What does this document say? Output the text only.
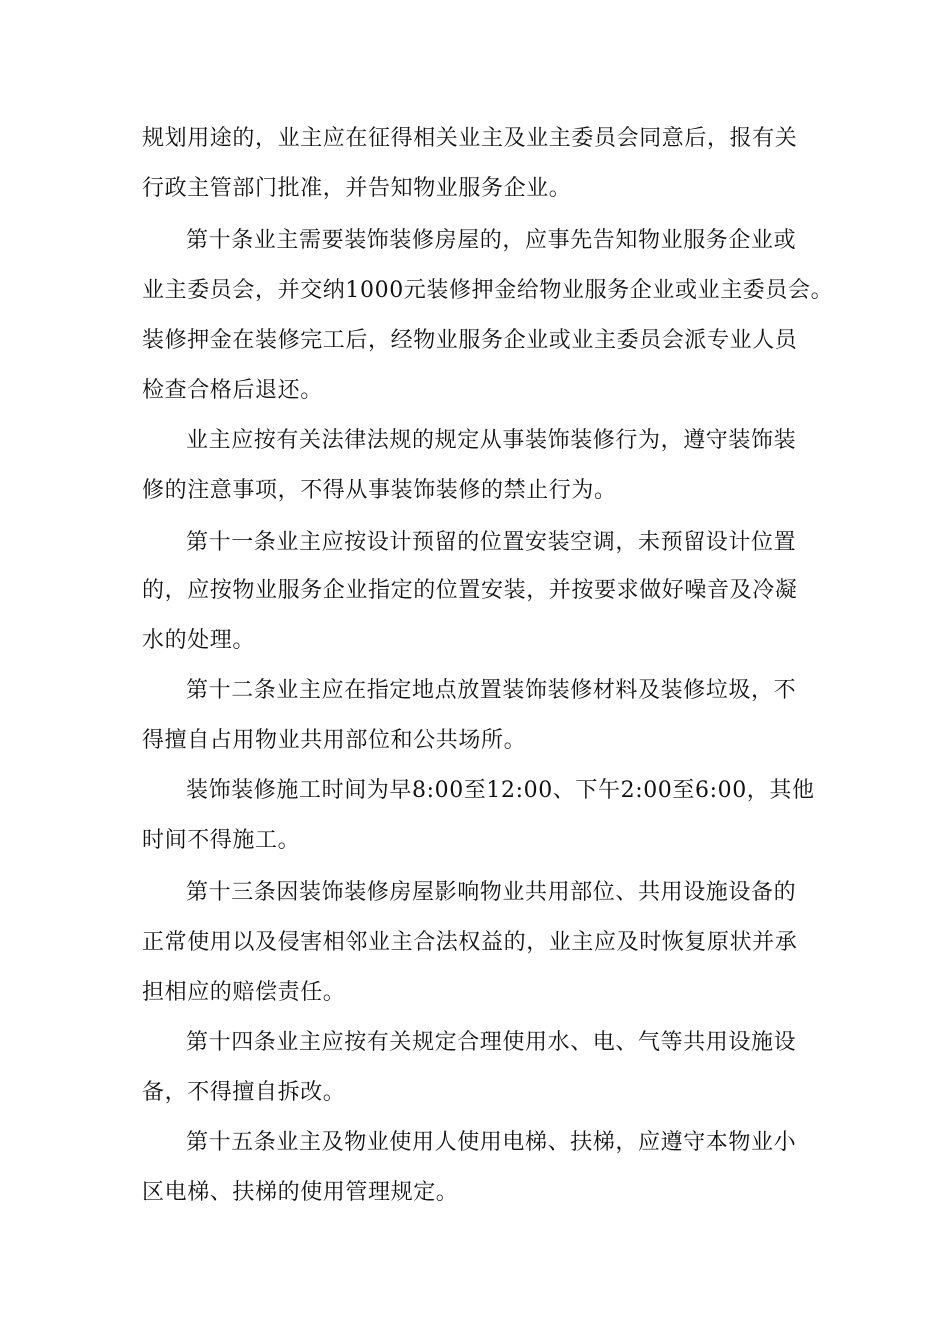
规划用途的，业主应在征得相关业主及业主委员会同意后，报有关
行政主管部门批准，并告知物业服务企业。
第十条业主需要装饰装修房屋的，应事先告知物业服务企业或
业主委员会，并交纳1000元装修押金给物业服务企业或业主委员会。
装修押金在装修完工后，经物业服务企业或业主委员会派专业人员
检查合格后退还。
业主应按有关法律法规的规定从事装饰装修行为，遵守装饰装
修的注意事项，不得从事装饰装修的禁止行为。
第十一条业主应按设计预留的位置安装空调，未预留设计位置
的，应按物业服务企业指定的位置安装，并按要求做好噪音及冷凝
水的处理。
第十二条业主应在指定地点放置装饰装修材料及装修垃圾，不
得擅自占用物业共用部位和公共场所。
装饰装修施工时间为早8:00至12:00、下午2:00至6:00，其他
时间不得施工。
第十三条因装饰装修房屋影响物业共用部位、共用设施设备的
正常使用以及侵害相邻业主合法权益的，业主应及时恢复原状并承
担相应的赔偿责任。
第十四条业主应按有关规定合理使用水、电、气等共用设施设
备，不得擅自拆改。
第十五条业主及物业使用人使用电梯、扶梯，应遵守本物业小
区电梯、扶梯的使用管理规定。
